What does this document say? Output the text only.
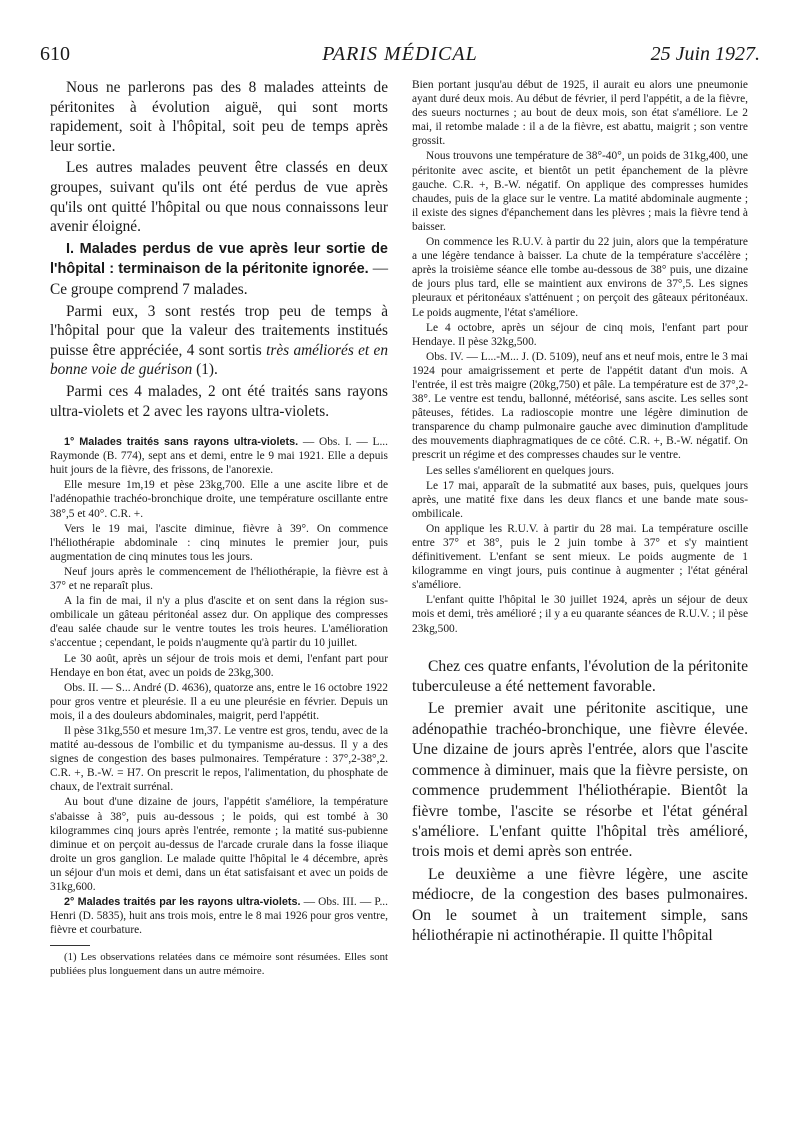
610	PARIS MÉDICAL	25 Juin 1927.

Nous ne parlerons pas des 8 malades atteints de péritonites à évolution aiguë, qui sont morts rapidement, soit à l'hôpital, soit peu de temps après leur sortie.

Les autres malades peuvent être classés en deux groupes, suivant qu'ils ont été perdus de vue après qu'ils ont quitté l'hôpital ou que nous connaissons leur avenir éloigné.

I. Malades perdus de vue après leur sortie de l'hôpital : terminaison de la péritonite ignorée. — Ce groupe comprend 7 malades.

Parmi eux, 3 sont restés trop peu de temps à l'hôpital pour que la valeur des traitements institués puisse être appréciée, 4 sont sortis très améliorés et en bonne voie de guérison (1).

Parmi ces 4 malades, 2 ont été traités sans rayons ultra-violets et 2 avec les rayons ultra-violets.

1° Malades traités sans rayons ultra-violets. — Obs. I. — L... Raymonde (B. 774), sept ans et demi, entre le 9 mai 1921. Elle a depuis huit jours de la fièvre, des frissons, de l'anorexie.

Elle mesure 1m,19 et pèse 23kg,700. Elle a une ascite libre et de l'adénopathie trachéo-bronchique droite, une température oscillante entre 38°,5 et 40°. C.R. +.

Vers le 19 mai, l'ascite diminue, fièvre à 39°. On commence l'héliothérapie abdominale : cinq minutes le premier jour, puis augmentation de cinq minutes tous les jours.

Neuf jours après le commencement de l'héliothérapie, la fièvre est à 37° et ne reparaît plus.

A la fin de mai, il n'y a plus d'ascite et on sent dans la région sus-ombilicale un gâteau péritonéal assez dur. On applique des compresses d'eau salée chaude sur le ventre toutes les trois heures. L'amélioration s'accentue ; cependant, le poids n'augmente qu'à partir du 10 juillet.

Le 30 août, après un séjour de trois mois et demi, l'enfant part pour Hendaye en bon état, avec un poids de 23kg,300.

Obs. II. — S... André (D. 4636), quatorze ans, entre le 16 octobre 1922 pour gros ventre et pleurésie. Il a eu une pleurésie en février. Depuis un mois, il a des douleurs abdominales, maigrit, perd l'appétit.

Il pèse 31kg,550 et mesure 1m,37. Le ventre est gros, tendu, avec de la matité au-dessous de l'ombilic et du tympanisme au-dessus. Il y a des signes de congestion des bases pulmonaires. Température : 37°,2-38°,2. C.R. +, B.-W. = H7. On prescrit le repos, l'alimentation, du phosphate de chaux, de l'extrait surrénal.

Au bout d'une dizaine de jours, l'appétit s'améliore, la température s'abaisse à 38°, puis au-dessous ; le poids, qui est tombé à 30 kilogrammes cinq jours après l'entrée, remonte ; la matité sus-pubienne diminue et on perçoit au-dessus de l'arcade crurale dans la fosse iliaque droite un gros ganglion. Le malade quitte l'hôpital le 4 décembre, après un séjour d'un mois et demi, dans un état satisfaisant et avec un poids de 31kg,600.

2° Malades traités par les rayons ultra-violets. — Obs. III. — P... Henri (D. 5835), huit ans trois mois, entre le 8 mai 1926 pour gros ventre, fièvre et courbature.

(1) Les observations relatées dans ce mémoire sont résumées. Elles sont publiées plus longuement dans un autre mémoire.

Bien portant jusqu'au début de 1925, il aurait eu alors une pneumonie ayant duré deux mois. Au début de février, il perd l'appétit, a de la fièvre, des sueurs nocturnes ; au bout de deux mois, son état s'améliore. Le 2 mai, il retombe malade : il a de la fièvre, est abattu, maigrit ; son ventre grossit.

Nous trouvons une température de 38°-40°, un poids de 31kg,400, une péritonite avec ascite, et bientôt un petit épanchement de la plèvre gauche. C.R. +, B.-W. négatif. On applique des compresses humides chaudes, puis de la glace sur le ventre. La matité abdominale augmente ; il existe des signes d'épanchement dans les plèvres ; mais la fièvre tend à baisser.

On commence les R.U.V. à partir du 22 juin, alors que la température a une légère tendance à baisser. La chute de la température s'accélère ; après la troisième séance elle tombe au-dessous de 38° puis, une dizaine de jours plus tard, elle se maintient aux environs de 37°,5. Les signes pleuraux et péritonéaux s'atténuent ; on perçoit des gâteaux péritonéaux. Le poids augmente, l'état s'améliore.

Le 4 octobre, après un séjour de cinq mois, l'enfant part pour Hendaye. Il pèse 32kg,500.

Obs. IV. — L...-M... J. (D. 5109), neuf ans et neuf mois, entre le 3 mai 1924 pour amaigrissement et perte de l'appétit datant d'un mois. A l'entrée, il est très maigre (20kg,750) et pâle. La température est de 37°,2-38°. Le ventre est tendu, ballonné, météorisé, sans ascite. Les selles sont pâteuses, fétides. La radioscopie montre une légère diminution de transparence du champ pulmonaire gauche avec diminution d'amplitude des mouvements diaphragmatiques de ce côté. C.R. +, B.-W. négatif. On prescrit un régime et des compresses chaudes sur le ventre.

Les selles s'améliorent en quelques jours.

Le 17 mai, apparaît de la submatité aux bases, puis, quelques jours après, une matité fixe dans les deux flancs et une bande mate sous-ombilicale.

On applique les R.U.V. à partir du 28 mai. La température oscille entre 37° et 38°, puis le 2 juin tombe à 37° et s'y maintient définitivement. L'enfant se sent mieux. Le poids augmente de 1 kilogramme en vingt jours, puis continue à augmenter ; l'état général s'améliore.

L'enfant quitte l'hôpital le 30 juillet 1924, après un séjour de deux mois et demi, très amélioré ; il y a eu quarante séances de R.U.V. ; il pèse 23kg,500.

Chez ces quatre enfants, l'évolution de la péritonite tuberculeuse a été nettement favorable.

Le premier avait une péritonite ascitique, une adénopathie trachéo-bronchique, une fièvre élevée. Une dizaine de jours après l'entrée, alors que l'ascite commence à diminuer, mais que la fièvre persiste, on commence prudemment l'héliothérapie. Bientôt la fièvre tombe, l'ascite se résorbe et l'état général s'améliore. L'enfant quitte l'hôpital très amélioré, trois mois et demi après son entrée.

Le deuxième a une fièvre légère, une ascite médiocre, de la congestion des bases pulmonaires. On le soumet à un traitement simple, sans héliothérapie ni actinothérapie. Il quitte l'hôpital
